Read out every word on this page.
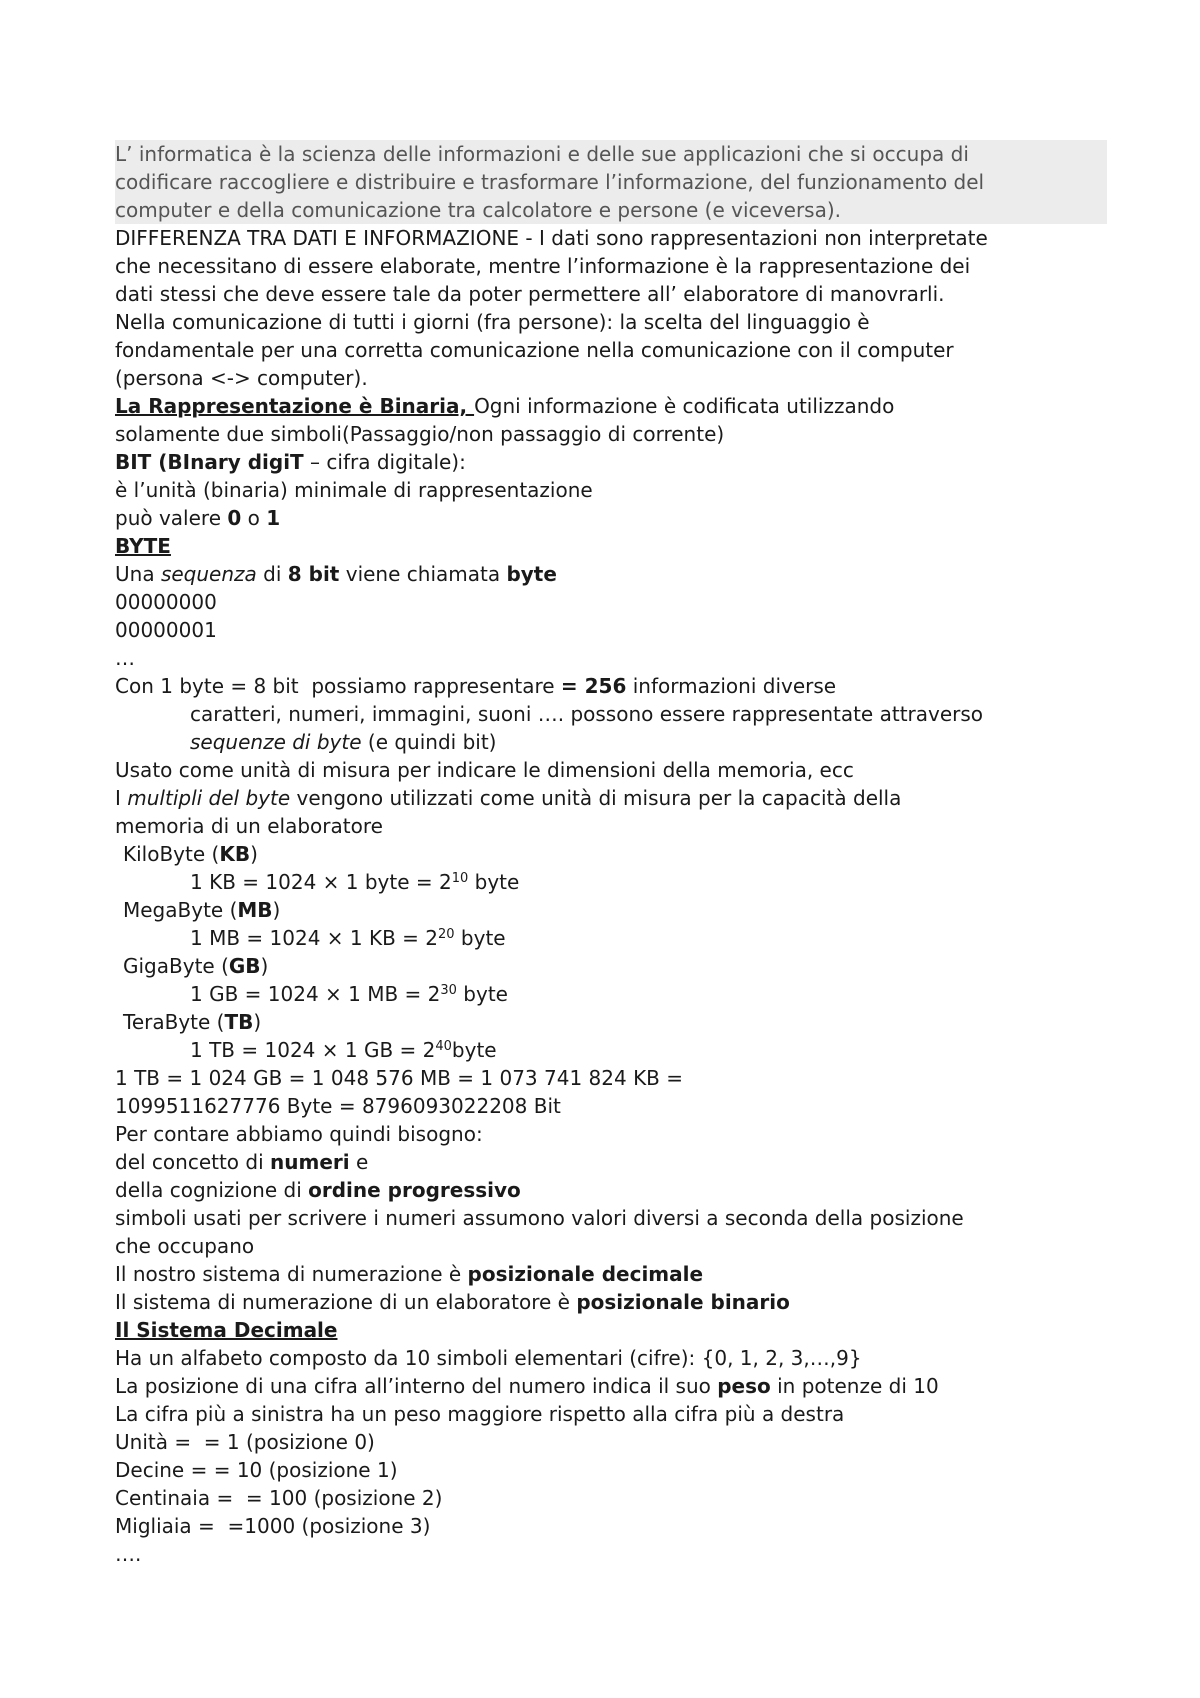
L’ informatica è la scienza delle informazioni e delle sue applicazioni che si occupa di
codificare raccogliere e distribuire e trasformare l’informazione, del funzionamento del
computer e della comunicazione tra calcolatore e persone (e viceversa).
DIFFERENZA TRA DATI E INFORMAZIONE - I dati sono rappresentazioni non interpretate
che necessitano di essere elaborate, mentre l’informazione è la rappresentazione dei
dati stessi che deve essere tale da poter permettere all’ elaboratore di manovrarli.
Nella comunicazione di tutti i giorni (fra persone): la scelta del linguaggio è
fondamentale per una corretta comunicazione nella comunicazione con il computer
(persona <-> computer).
La Rappresentazione è Binaria, Ogni informazione è codificata utilizzando
solamente due simboli(Passaggio/non passaggio di corrente)
BIT (BInary digiT – cifra digitale):
è l’unità (binaria) minimale di rappresentazione
può valere 0 o 1
BYTE
Una sequenza di 8 bit viene chiamata byte
00000000
00000001
…
Con 1 byte = 8 bit  possiamo rappresentare = 256 informazioni diverse
caratteri, numeri, immagini, suoni …. possono essere rappresentate attraverso
sequenze di byte (e quindi bit)
Usato come unità di misura per indicare le dimensioni della memoria, ecc
I multipli del byte vengono utilizzati come unità di misura per la capacità della
memoria di un elaboratore
KiloByte (KB)
1 KB = 1024 × 1 byte = $2^{10}$ byte
MegaByte (MB)
1 MB = 1024 × 1 KB = $2^{20}$ byte
GigaByte (GB)
1 GB = 1024 × 1 MB = $2^{30}$ byte
TeraByte (TB)
1 TB = 1024 × 1 GB = $2^{40}byte$
1 TB = 1 024 GB = 1 048 576 MB = 1 073 741 824 KB =
1099511627776 Byte = 8796093022208 Bit
Per contare abbiamo quindi bisogno:
del concetto di numeri e
della cognizione di ordine progressivo
simboli usati per scrivere i numeri assumono valori diversi a seconda della posizione
che occupano
Il nostro sistema di numerazione è posizionale decimale
Il sistema di numerazione di un elaboratore è posizionale binario
Il Sistema Decimale
Ha un alfabeto composto da 10 simboli elementari (cifre): {0, 1, 2, 3,…,9}
La posizione di una cifra all’interno del numero indica il suo peso in potenze di 10
La cifra più a sinistra ha un peso maggiore rispetto alla cifra più a destra
Unità =  = 1 (posizione 0)
Decine = = 10 (posizione 1)
Centinaia =  = 100 (posizione 2)
Migliaia =  =1000 (posizione 3)
….
